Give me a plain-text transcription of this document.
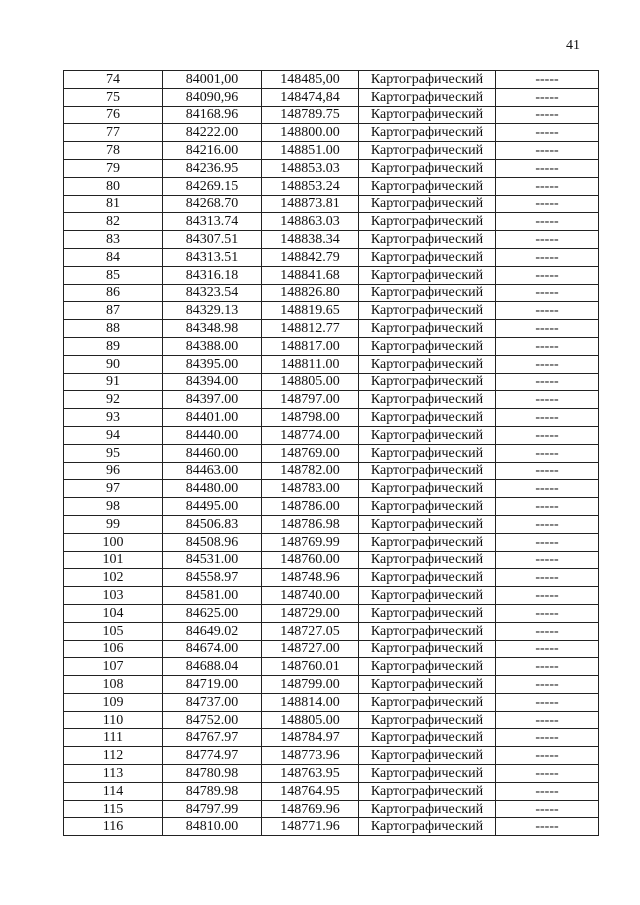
41
74	84001,00	148485,00	Картографический	-----
75	84090,96	148474,84	Картографический	-----
76	84168.96	148789.75	Картографический	-----
77	84222.00	148800.00	Картографический	-----
78	84216.00	148851.00	Картографический	-----
79	84236.95	148853.03	Картографический	-----
80	84269.15	148853.24	Картографический	-----
81	84268.70	148873.81	Картографический	-----
82	84313.74	148863.03	Картографический	-----
83	84307.51	148838.34	Картографический	-----
84	84313.51	148842.79	Картографический	-----
85	84316.18	148841.68	Картографический	-----
86	84323.54	148826.80	Картографический	-----
87	84329.13	148819.65	Картографический	-----
88	84348.98	148812.77	Картографический	-----
89	84388.00	148817.00	Картографический	-----
90	84395.00	148811.00	Картографический	-----
91	84394.00	148805.00	Картографический	-----
92	84397.00	148797.00	Картографический	-----
93	84401.00	148798.00	Картографический	-----
94	84440.00	148774.00	Картографический	-----
95	84460.00	148769.00	Картографический	-----
96	84463.00	148782.00	Картографический	-----
97	84480.00	148783.00	Картографический	-----
98	84495.00	148786.00	Картографический	-----
99	84506.83	148786.98	Картографический	-----
100	84508.96	148769.99	Картографический	-----
101	84531.00	148760.00	Картографический	-----
102	84558.97	148748.96	Картографический	-----
103	84581.00	148740.00	Картографический	-----
104	84625.00	148729.00	Картографический	-----
105	84649.02	148727.05	Картографический	-----
106	84674.00	148727.00	Картографический	-----
107	84688.04	148760.01	Картографический	-----
108	84719.00	148799.00	Картографический	-----
109	84737.00	148814.00	Картографический	-----
110	84752.00	148805.00	Картографический	-----
111	84767.97	148784.97	Картографический	-----
112	84774.97	148773.96	Картографический	-----
113	84780.98	148763.95	Картографический	-----
114	84789.98	148764.95	Картографический	-----
115	84797.99	148769.96	Картографический	-----
116	84810.00	148771.96	Картографический	-----
